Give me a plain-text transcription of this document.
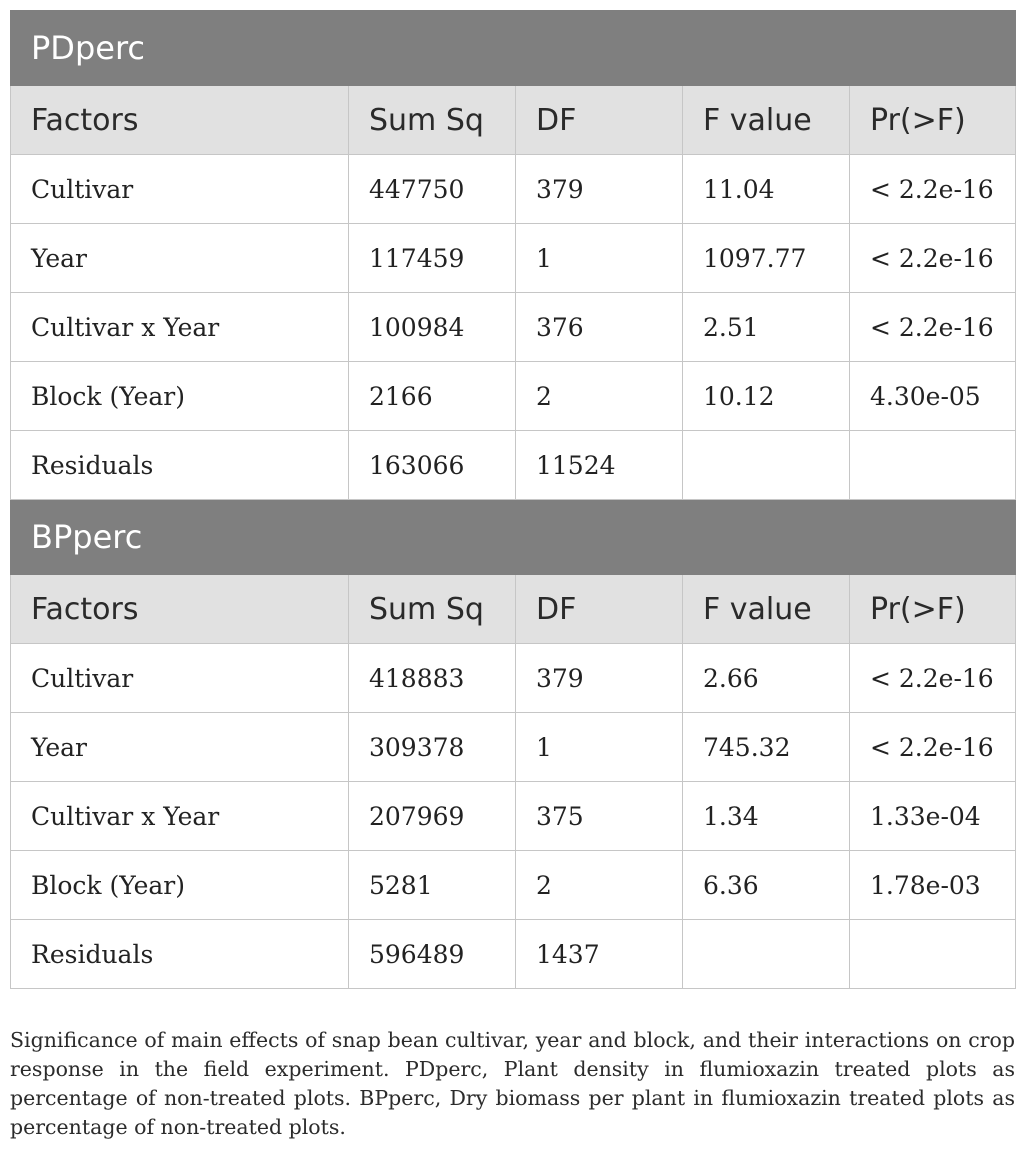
PDperc				
Factors	Sum Sq	DF	F value	Pr(>F)
Cultivar	447750	379	11.04	< 2.2e-16
Year	117459	1	1097.77	< 2.2e-16
Cultivar x Year	100984	376	2.51	< 2.2e-16
Block (Year)	2166	2	10.12	4.30e-05
Residuals	163066	11524		
BPperc				
Factors	Sum Sq	DF	F value	Pr(>F)
Cultivar	418883	379	2.66	< 2.2e-16
Year	309378	1	745.32	< 2.2e-16
Cultivar x Year	207969	375	1.34	1.33e-04
Block (Year)	5281	2	6.36	1.78e-03
Residuals	596489	1437		

Significance of main effects of snap bean cultivar, year and block, and their interactions on crop response in the field experiment. PDperc, Plant density in flumioxazin treated plots as percentage of non-treated plots. BPperc, Dry biomass per plant in flumioxazin treated plots as percentage of non-treated plots.
